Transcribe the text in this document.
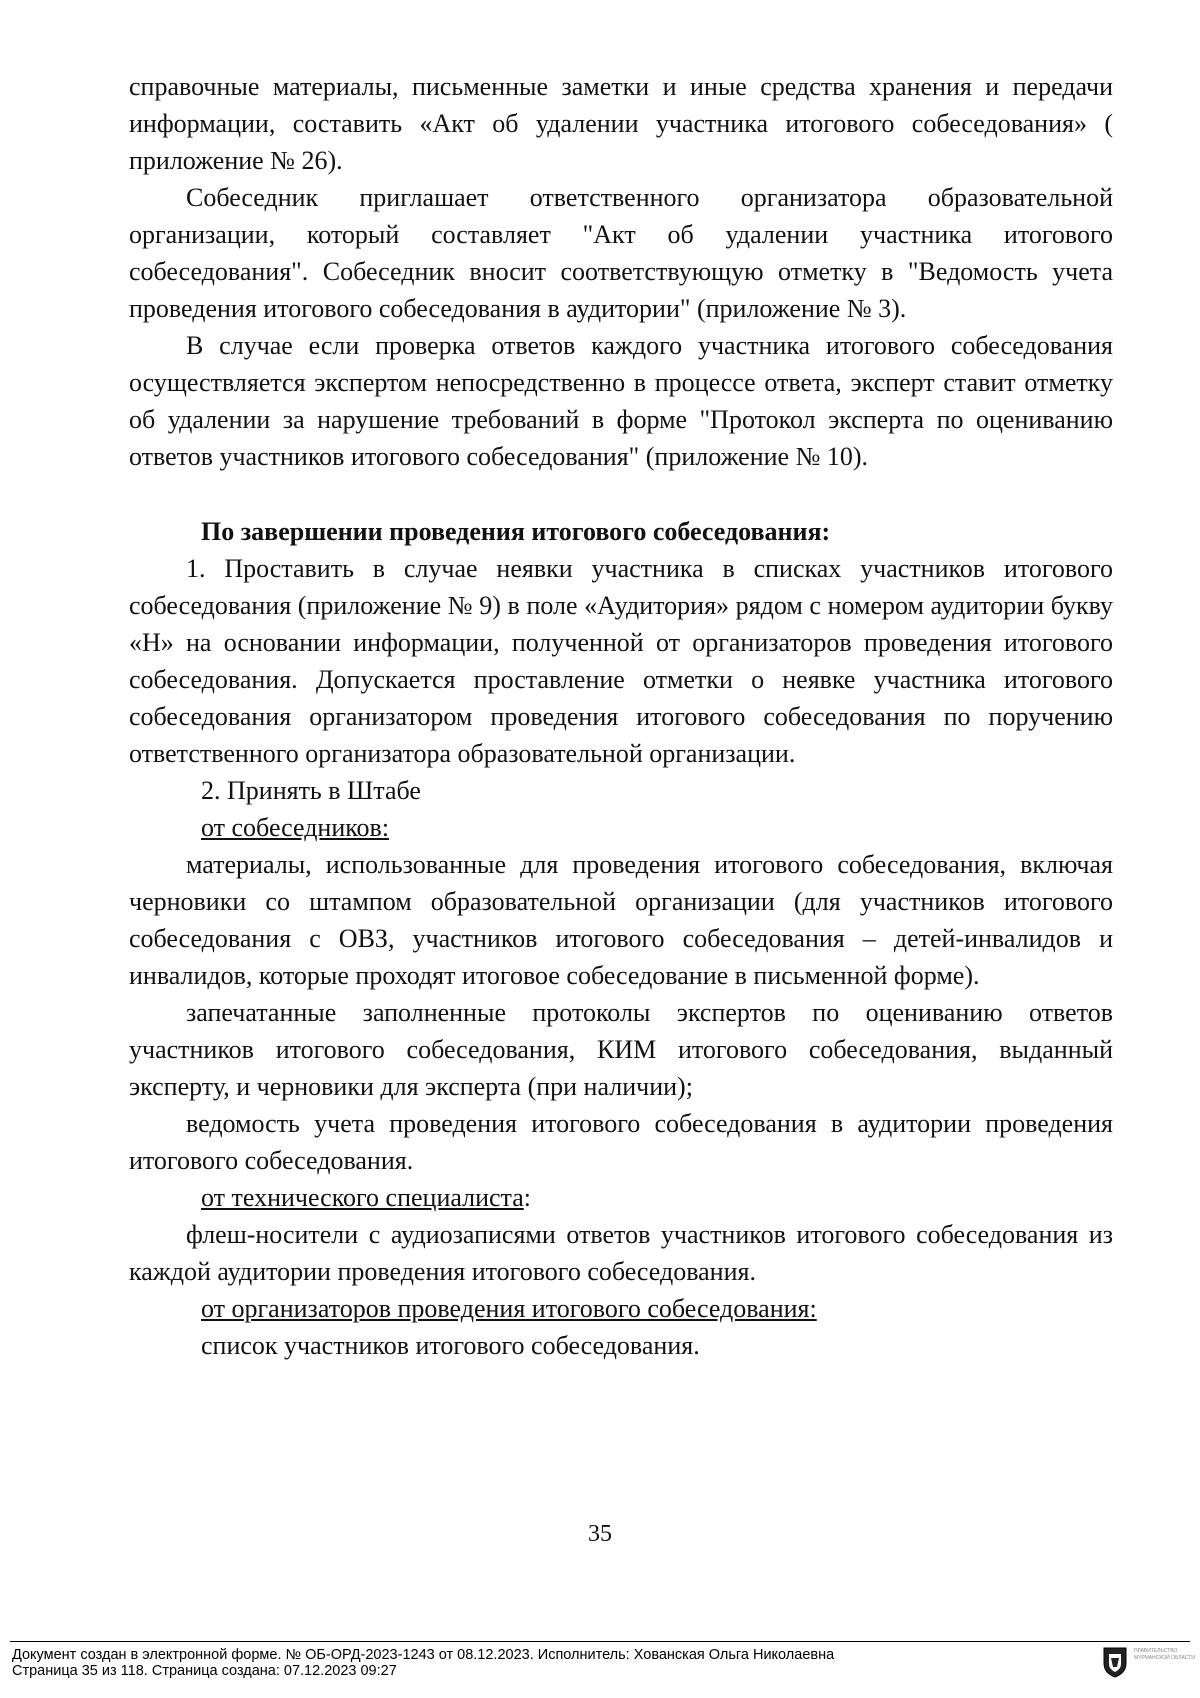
справочные материалы, письменные заметки и иные средства хранения и передачи информации, составить «Акт об удалении участника итогового собеседования» ( приложение № 26).

Собеседник приглашает ответственного организатора образовательной организации, который составляет "Акт об удалении участника итогового собеседования". Собеседник вносит соответствующую отметку в "Ведомость учета проведения итогового собеседования в аудитории" (приложение № 3).

В случае если проверка ответов каждого участника итогового собеседования осуществляется экспертом непосредственно в процессе ответа, эксперт ставит отметку об удалении за нарушение требований в форме "Протокол эксперта по оцениванию ответов участников итогового собеседования" (приложение № 10).

По завершении проведения итогового собеседования:

1. Проставить в случае неявки участника в списках участников итогового собеседования (приложение № 9) в поле «Аудитория» рядом с номером аудитории букву «Н» на основании информации, полученной от организаторов проведения итогового собеседования. Допускается проставление отметки о неявке участника итогового собеседования организатором проведения итогового собеседования по поручению ответственного организатора образовательной организации.

2. Принять в Штабе

от собеседников:

материалы, использованные для проведения итогового собеседования, включая черновики со штампом образовательной организации (для участников итогового собеседования с ОВЗ, участников итогового собеседования – детей-инвалидов и инвалидов, которые проходят итоговое собеседование в письменной форме).

запечатанные заполненные протоколы экспертов по оцениванию ответов участников итогового собеседования, КИМ итогового собеседования, выданный эксперту, и черновики для эксперта (при наличии);

ведомость учета проведения итогового собеседования в аудитории проведения итогового собеседования.

от технического специалиста:

флеш-носители с аудиозаписями ответов участников итогового собеседования из каждой аудитории проведения итогового собеседования.

от организаторов проведения итогового собеседования:

список участников итогового собеседования.

35
Документ создан в электронной форме. № ОБ-ОРД-2023-1243 от 08.12.2023. Исполнитель: Хованская Ольга Николаевна
Страница 35 из 118. Страница создана: 07.12.2023 09:27
ПРАВИТЕЛЬСТВО МУРМАНСКОЙ ОБЛАСТИ
